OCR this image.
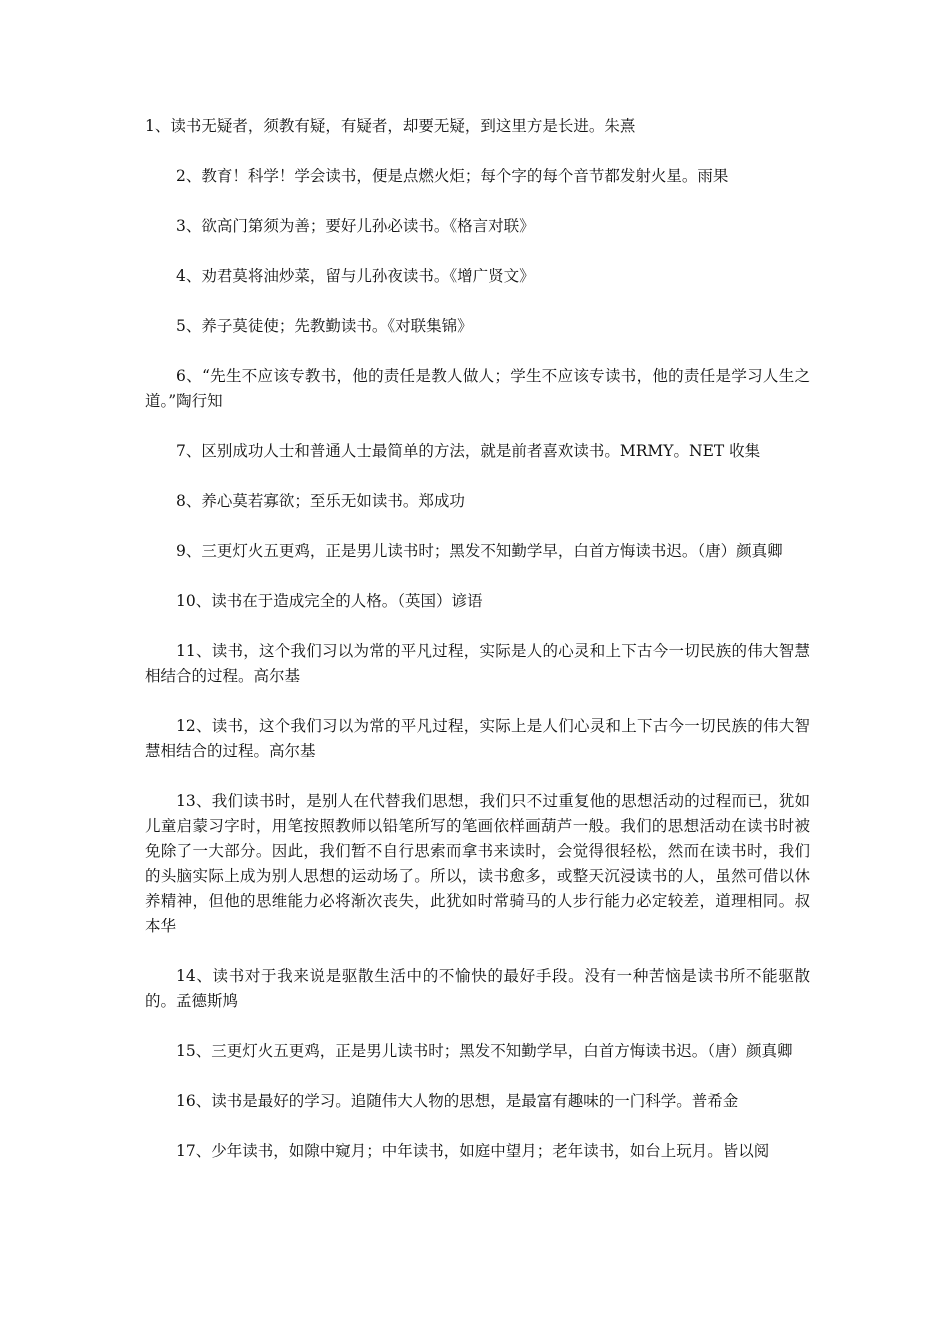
1、读书无疑者，须教有疑，有疑者，却要无疑，到这里方是长进。朱熹

2、教育！科学！学会读书，便是点燃火炬；每个字的每个音节都发射火星。雨果

3、欲高门第须为善；要好儿孙必读书。《格言对联》

4、劝君莫将油炒菜，留与儿孙夜读书。《增广贤文》

5、养子莫徒使；先教勤读书。《对联集锦》

6、“先生不应该专教书，他的责任是教人做人；学生不应该专读书，他的责任是学习人生之道。”陶行知

7、区别成功人士和普通人士最简单的方法，就是前者喜欢读书。MRMY。NET 收集

8、养心莫若寡欲；至乐无如读书。郑成功

9、三更灯火五更鸡，正是男儿读书时；黑发不知勤学早，白首方悔读书迟。（唐）颜真卿

10、读书在于造成完全的人格。（英国）谚语

11、读书，这个我们习以为常的平凡过程，实际是人的心灵和上下古今一切民族的伟大智慧相结合的过程。高尔基

12、读书，这个我们习以为常的平凡过程，实际上是人们心灵和上下古今一切民族的伟大智慧相结合的过程。高尔基

13、我们读书时，是别人在代替我们思想，我们只不过重复他的思想活动的过程而已，犹如儿童启蒙习字时，用笔按照教师以铅笔所写的笔画依样画葫芦一般。我们的思想活动在读书时被免除了一大部分。因此，我们暂不自行思索而拿书来读时，会觉得很轻松，然而在读书时，我们的头脑实际上成为别人思想的运动场了。所以，读书愈多，或整天沉浸读书的人，虽然可借以休养精神，但他的思维能力必将渐次丧失，此犹如时常骑马的人步行能力必定较差，道理相同。叔本华

14、读书对于我来说是驱散生活中的不愉快的最好手段。没有一种苦恼是读书所不能驱散的。孟德斯鸠

15、三更灯火五更鸡，正是男儿读书时；黑发不知勤学早，白首方悔读书迟。（唐）颜真卿

16、读书是最好的学习。追随伟大人物的思想，是最富有趣味的一门科学。普希金

17、少年读书，如隙中窥月；中年读书，如庭中望月；老年读书，如台上玩月。皆以阅
